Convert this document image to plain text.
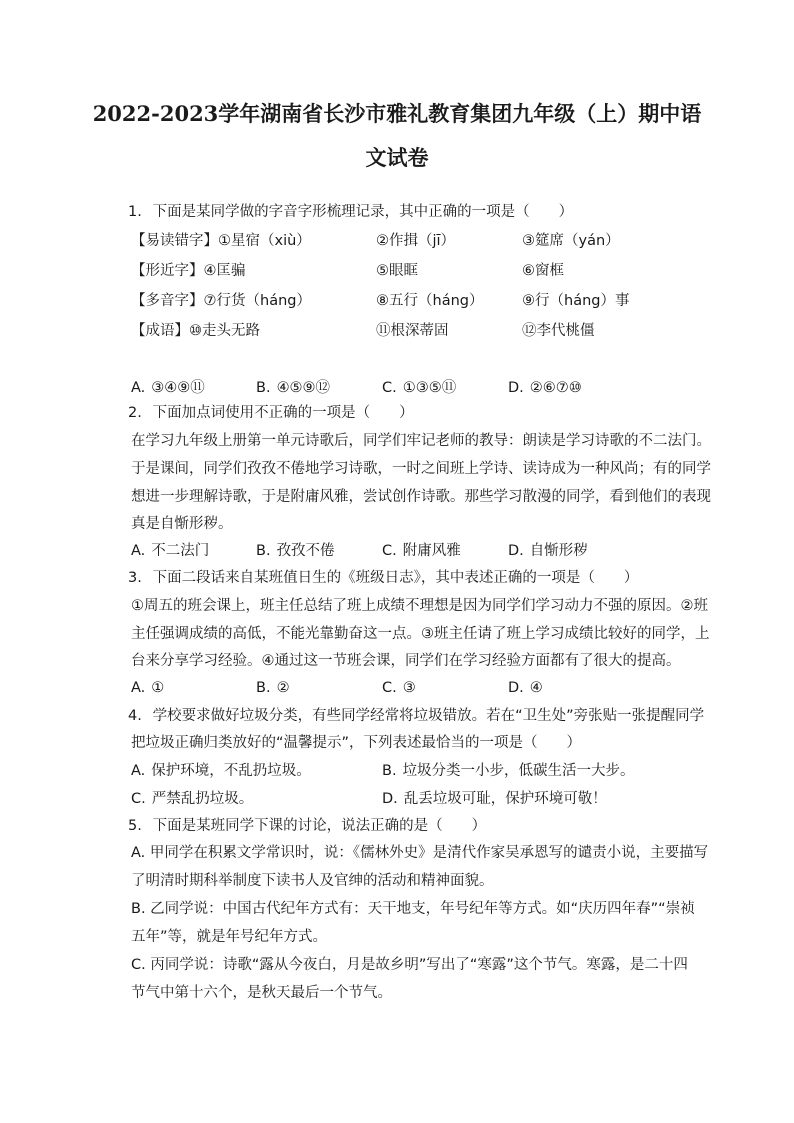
2022-2023学年湖南省长沙市雅礼教育集团九年级（上）期中语
文试卷
1. 下面是某同学做的字音字形梳理记录，其中正确的一项是（　　）
【易读错字】①星宿（xiù）	②作揖（jī）	③筵席（yán）
【形近字】④匡骗	⑤眼眶	⑥窗框
【多音字】⑦行货（háng）	⑧五行（háng）	⑨行（háng）事
【成语】⑩走头无路	⑪根深蒂固	⑫李代桃僵
A. ③④⑨⑪	B. ④⑤⑨⑫	C. ①③⑤⑪	D. ②⑥⑦⑩
2. 下面加点词使用不正确的一项是（　　）
在学习九年级上册第一单元诗歌后，同学们牢记老师的教导：朗读是学习诗歌的不二法门。
于是课间，同学们孜孜不倦地学习诗歌，一时之间班上学诗、读诗成为一种风尚；有的同学
想进一步理解诗歌，于是附庸风雅，尝试创作诗歌。那些学习散漫的同学，看到他们的表现
真是自惭形秽。
A. 不二法门	B. 孜孜不倦	C. 附庸风雅	D. 自惭形秽
3. 下面二段话来自某班值日生的《班级日志》，其中表述正确的一项是（　　）
①周五的班会课上，班主任总结了班上成绩不理想是因为同学们学习动力不强的原因。②班
主任强调成绩的高低，不能光靠勤奋这一点。③班主任请了班上学习成绩比较好的同学，上
台来分享学习经验。④通过这一节班会课，同学们在学习经验方面都有了很大的提高。
A. ①	B. ②	C. ③	D. ④
4. 学校要求做好垃圾分类，有些同学经常将垃圾错放。若在“卫生处”旁张贴一张提醒同学
把垃圾正确归类放好的“温馨提示”，下列表述最恰当的一项是（　　）
A. 保护环境，不乱扔垃圾。	B. 垃圾分类一小步，低碳生活一大步。
C. 严禁乱扔垃圾。	D. 乱丢垃圾可耻，保护环境可敬！
5. 下面是某班同学下课的讨论，说法正确的是（　　）
A. 甲同学在积累文学常识时，说：《儒林外史》是清代作家吴承恩写的谴责小说，主要描写
了明清时期科举制度下读书人及官绅的活动和精神面貌。
B. 乙同学说：中国古代纪年方式有：天干地支，年号纪年等方式。如“庆历四年春”“崇祯
五年”等，就是年号纪年方式。
C. 丙同学说：诗歌“露从今夜白，月是故乡明”写出了“寒露”这个节气。寒露，是二十四
节气中第十六个，是秋天最后一个节气。
